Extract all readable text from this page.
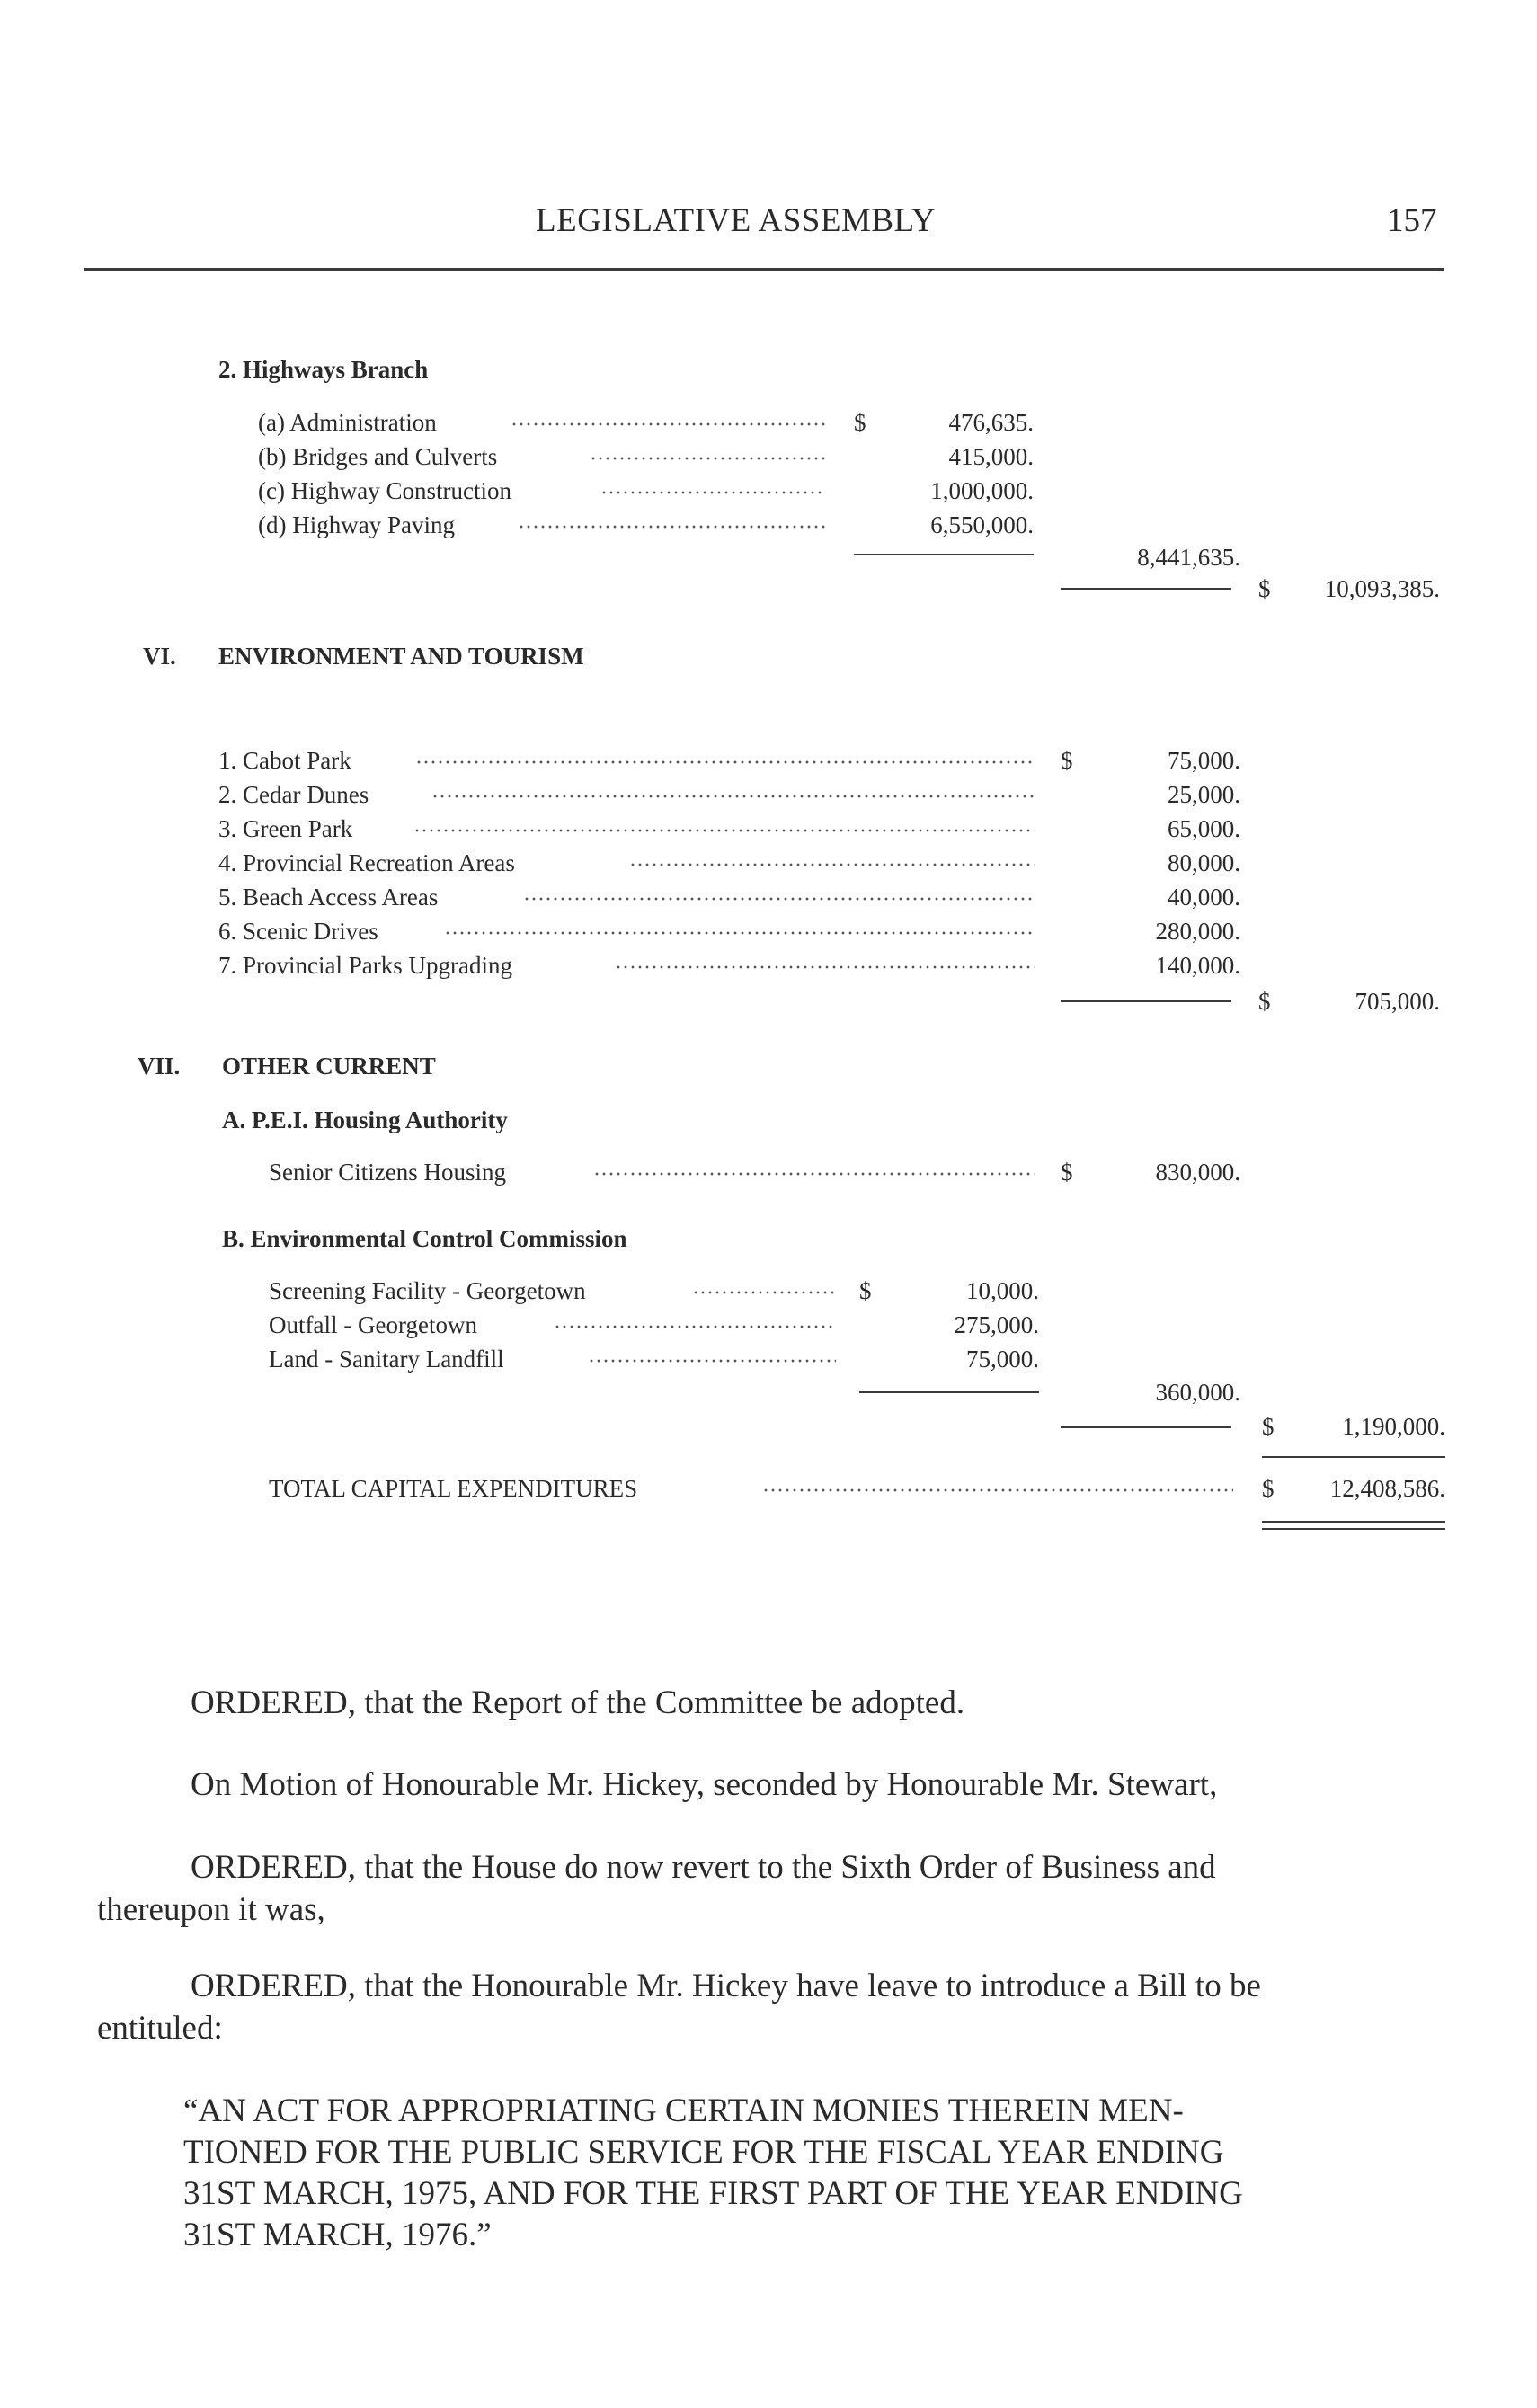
LEGISLATIVE ASSEMBLY	157
2. Highways Branch
(a) Administration	$	476,635.
(b) Bridges and Culverts	415,000.
(c) Highway Construction	1,000,000.
(d) Highway Paving	6,550,000.
8,441,635.
$	10,093,385.
VI. ENVIRONMENT AND TOURISM
1. Cabot Park	$	75,000.
2. Cedar Dunes	25,000.
3. Green Park	65,000.
4. Provincial Recreation Areas	80,000.
5. Beach Access Areas	40,000.
6. Scenic Drives	280,000.
7. Provincial Parks Upgrading	140,000.
$	705,000.
VII. OTHER CURRENT
A. P.E.I. Housing Authority
Senior Citizens Housing	$	830,000.
B. Environmental Control Commission
Screening Facility - Georgetown	$	10,000.
Outfall - Georgetown	275,000.
Land - Sanitary Landfill	75,000.
360,000.
$	1,190,000.
TOTAL CAPITAL EXPENDITURES	$	12,408,586.
ORDERED, that the Report of the Committee be adopted.
On Motion of Honourable Mr. Hickey, seconded by Honourable Mr. Stewart,
ORDERED, that the House do now revert to the Sixth Order of Business and
thereupon it was,
ORDERED, that the Honourable Mr. Hickey have leave to introduce a Bill to be
entituled:
“AN ACT FOR APPROPRIATING CERTAIN MONIES THEREIN MEN-
TIONED FOR THE PUBLIC SERVICE FOR THE FISCAL YEAR ENDING
31ST MARCH, 1975, AND FOR THE FIRST PART OF THE YEAR ENDING
31ST MARCH, 1976.”
